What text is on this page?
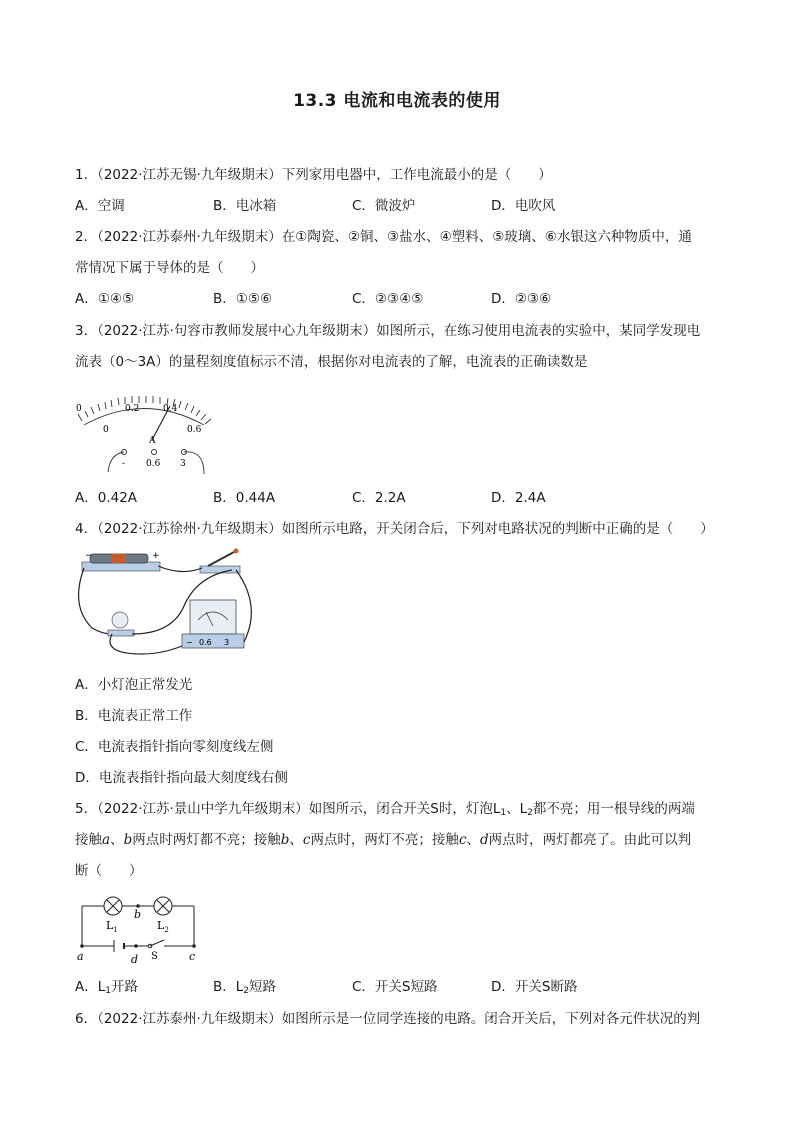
13.3 电流和电流表的使用
1．（2022·江苏无锡·九年级期末）下列家用电器中，工作电流最小的是（　　）
A．空调	B．电冰箱	C．微波炉	D．电吹风
2．（2022·江苏泰州·九年级期末）在①陶瓷、②铜、③盐水、④塑料、⑤玻璃、⑥水银这六种物质中，通
常情况下属于导体的是（　　）
A．①④⑤	B．①⑤⑥	C．②③④⑤	D．②③⑥
3．（2022·江苏·句容市教师发展中心九年级期末）如图所示，在练习使用电流表的实验中，某同学发现电
流表（0～3A）的量程刻度值标示不清，根据你对电流表的了解，电流表的正确读数是
0	0.2	0.4
0	0.6
A
- 0.6 3
A．0.42A	B．0.44A	C．2.2A	D．2.4A
4．（2022·江苏徐州·九年级期末）如图所示电路，开关闭合后，下列对电路状况的判断中正确的是（　　）
−	+
− 0.6 3
A．小灯泡正常发光
B．电流表正常工作
C．电流表指针指向零刻度线左侧
D．电流表指针指向最大刻度线右侧
5．（2022·江苏·景山中学九年级期末）如图所示，闭合开关S时，灯泡$L_1$、$L_2$都不亮；用一根导线的两端
接触a、b两点时两灯都不亮；接触b、c两点时，两灯不亮；接触c、d两点时，两灯都亮了。由此可以判
断（　　）
$L_1$	$L_2$
b
a	d S	c
A．$L_1$开路	B．$L_2$短路	C．开关S短路	D．开关S断路
6．（2022·江苏泰州·九年级期末）如图所示是一位同学连接的电路。闭合开关后，下列对各元件状况的判
